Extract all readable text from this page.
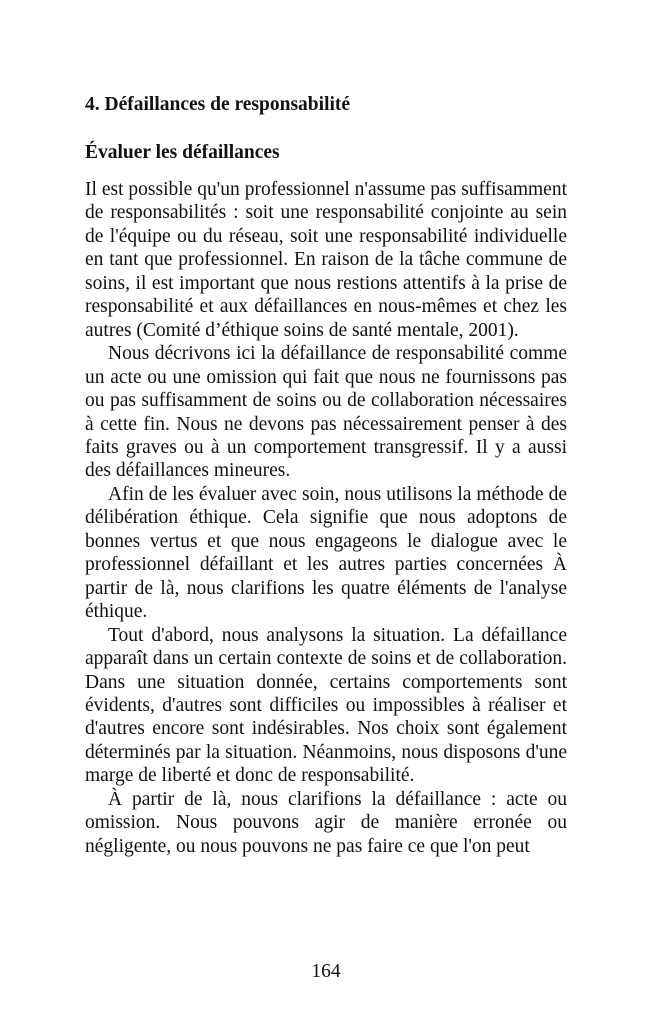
4. Défaillances de responsabilité
Évaluer les défaillances

Il est possible qu'un professionnel n'assume pas suffisamment de responsabilités : soit une responsabilité conjointe au sein de l'équipe ou du réseau, soit une responsabilité individuelle en tant que professionnel. En raison de la tâche commune de soins, il est important que nous restions attentifs à la prise de responsabilité et aux défaillances en nous-mêmes et chez les autres (Comité d’éthique soins de santé mentale, 2001).

Nous décrivons ici la défaillance de responsabilité comme un acte ou une omission qui fait que nous ne fournissons pas ou pas suffisamment de soins ou de collaboration nécessaires à cette fin. Nous ne devons pas nécessairement penser à des faits graves ou à un comportement transgressif. Il y a aussi des défaillances mineures.

Afin de les évaluer avec soin, nous utilisons la méthode de délibération éthique. Cela signifie que nous adoptons de bonnes vertus et que nous engageons le dialogue avec le professionnel défaillant et les autres parties concernées À partir de là, nous clarifions les quatre éléments de l'analyse éthique.

Tout d'abord, nous analysons la situation. La défaillance apparaît dans un certain contexte de soins et de collaboration. Dans une situation donnée, certains comportements sont évidents, d'autres sont difficiles ou impossibles à réaliser et d'autres encore sont indésirables. Nos choix sont également déterminés par la situation. Néanmoins, nous disposons d'une marge de liberté et donc de responsabilité.

À partir de là, nous clarifions la défaillance : acte ou omission. Nous pouvons agir de manière erronée ou négligente, ou nous pouvons ne pas faire ce que l'on peut

164
